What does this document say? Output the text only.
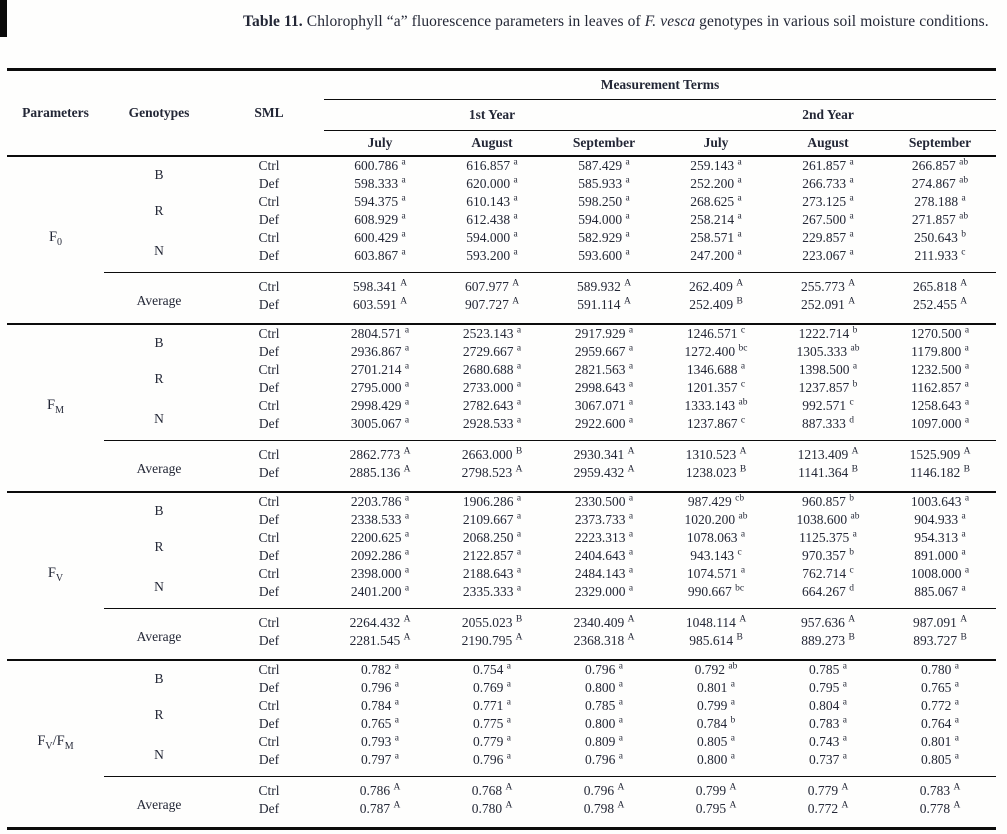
Table 11. Chlorophyll “a” fluorescence parameters in leaves of F. vesca genotypes in various soil moisture conditions.
Parameters	Genotypes	SML	Measurement Terms					
			1st Year			2nd Year		
			July	August	September	July	August	September
$F_0$	B	Ctrl	600.786 $^a$	616.857 $^a$	587.429 $^a$	259.143 $^a$	261.857 $^a$	266.857 $^{ab}$
		Def	598.333 $^a$	620.000 $^a$	585.933 $^a$	252.200 $^a$	266.733 $^a$	274.867 $^{ab}$
	R	Ctrl	594.375 $^a$	610.143 $^a$	598.250 $^a$	268.625 $^a$	273.125 $^a$	278.188 $^a$
		Def	608.929 $^a$	612.438 $^a$	594.000 $^a$	258.214 $^a$	267.500 $^a$	271.857 $^{ab}$
	N	Ctrl	600.429 $^a$	594.000 $^a$	582.929 $^a$	258.571 $^a$	229.857 $^a$	250.643 $^b$
		Def	603.867 $^a$	593.200 $^a$	593.600 $^a$	247.200 $^a$	223.067 $^a$	211.933 $^c$
	Average	Ctrl	598.341 $^A$	607.977 $^A$	589.932 $^A$	262.409 $^A$	255.773 $^A$	265.818 $^A$
		Def	603.591 $^A$	907.727 $^A$	591.114 $^A$	252.409 $^B$	252.091 $^A$	252.455 $^A$
$F_M$	B	Ctrl	2804.571 $^a$	2523.143 $^a$	2917.929 $^a$	1246.571 $^c$	1222.714 $^b$	1270.500 $^a$
		Def	2936.867 $^a$	2729.667 $^a$	2959.667 $^a$	1272.400 $^{bc}$	1305.333 $^{ab}$	1179.800 $^a$
	R	Ctrl	2701.214 $^a$	2680.688 $^a$	2821.563 $^a$	1346.688 $^a$	1398.500 $^a$	1232.500 $^a$
		Def	2795.000 $^a$	2733.000 $^a$	2998.643 $^a$	1201.357 $^c$	1237.857 $^b$	1162.857 $^a$
	N	Ctrl	2998.429 $^a$	2782.643 $^a$	3067.071 $^a$	1333.143 $^{ab}$	992.571 $^c$	1258.643 $^a$
		Def	3005.067 $^a$	2928.533 $^a$	2922.600 $^a$	1237.867 $^c$	887.333 $^d$	1097.000 $^a$
	Average	Ctrl	2862.773 $^A$	2663.000 $^B$	2930.341 $^A$	1310.523 $^A$	1213.409 $^A$	1525.909 $^A$
		Def	2885.136 $^A$	2798.523 $^A$	2959.432 $^A$	1238.023 $^B$	1141.364 $^B$	1146.182 $^B$
$F_V$	B	Ctrl	2203.786 $^a$	1906.286 $^a$	2330.500 $^a$	987.429 $^{cb}$	960.857 $^b$	1003.643 $^a$
		Def	2338.533 $^a$	2109.667 $^a$	2373.733 $^a$	1020.200 $^{ab}$	1038.600 $^{ab}$	904.933 $^a$
	R	Ctrl	2200.625 $^a$	2068.250 $^a$	2223.313 $^a$	1078.063 $^a$	1125.375 $^a$	954.313 $^a$
		Def	2092.286 $^a$	2122.857 $^a$	2404.643 $^a$	943.143 $^c$	970.357 $^b$	891.000 $^a$
	N	Ctrl	2398.000 $^a$	2188.643 $^a$	2484.143 $^a$	1074.571 $^a$	762.714 $^c$	1008.000 $^a$
		Def	2401.200 $^a$	2335.333 $^a$	2329.000 $^a$	990.667 $^{bc}$	664.267 $^d$	885.067 $^a$
	Average	Ctrl	2264.432 $^A$	2055.023 $^B$	2340.409 $^A$	1048.114 $^A$	957.636 $^A$	987.091 $^A$
		Def	2281.545 $^A$	2190.795 $^A$	2368.318 $^A$	985.614 $^B$	889.273 $^B$	893.727 $^B$
$F_V/F_M$	B	Ctrl	0.782 $^a$	0.754 $^a$	0.796 $^a$	0.792 $^{ab}$	0.785 $^a$	0.780 $^a$
		Def	0.796 $^a$	0.769 $^a$	0.800 $^a$	0.801 $^a$	0.795 $^a$	0.765 $^a$
	R	Ctrl	0.784 $^a$	0.771 $^a$	0.785 $^a$	0.799 $^a$	0.804 $^a$	0.772 $^a$
		Def	0.765 $^a$	0.775 $^a$	0.800 $^a$	0.784 $^b$	0.783 $^a$	0.764 $^a$
	N	Ctrl	0.793 $^a$	0.779 $^a$	0.809 $^a$	0.805 $^a$	0.743 $^a$	0.801 $^a$
		Def	0.797 $^a$	0.796 $^a$	0.796 $^a$	0.800 $^a$	0.737 $^a$	0.805 $^a$
	Average	Ctrl	0.786 $^A$	0.768 $^A$	0.796 $^A$	0.799 $^A$	0.779 $^A$	0.783 $^A$
		Def	0.787 $^A$	0.780 $^A$	0.798 $^A$	0.795 $^A$	0.772 $^A$	0.778 $^A$
